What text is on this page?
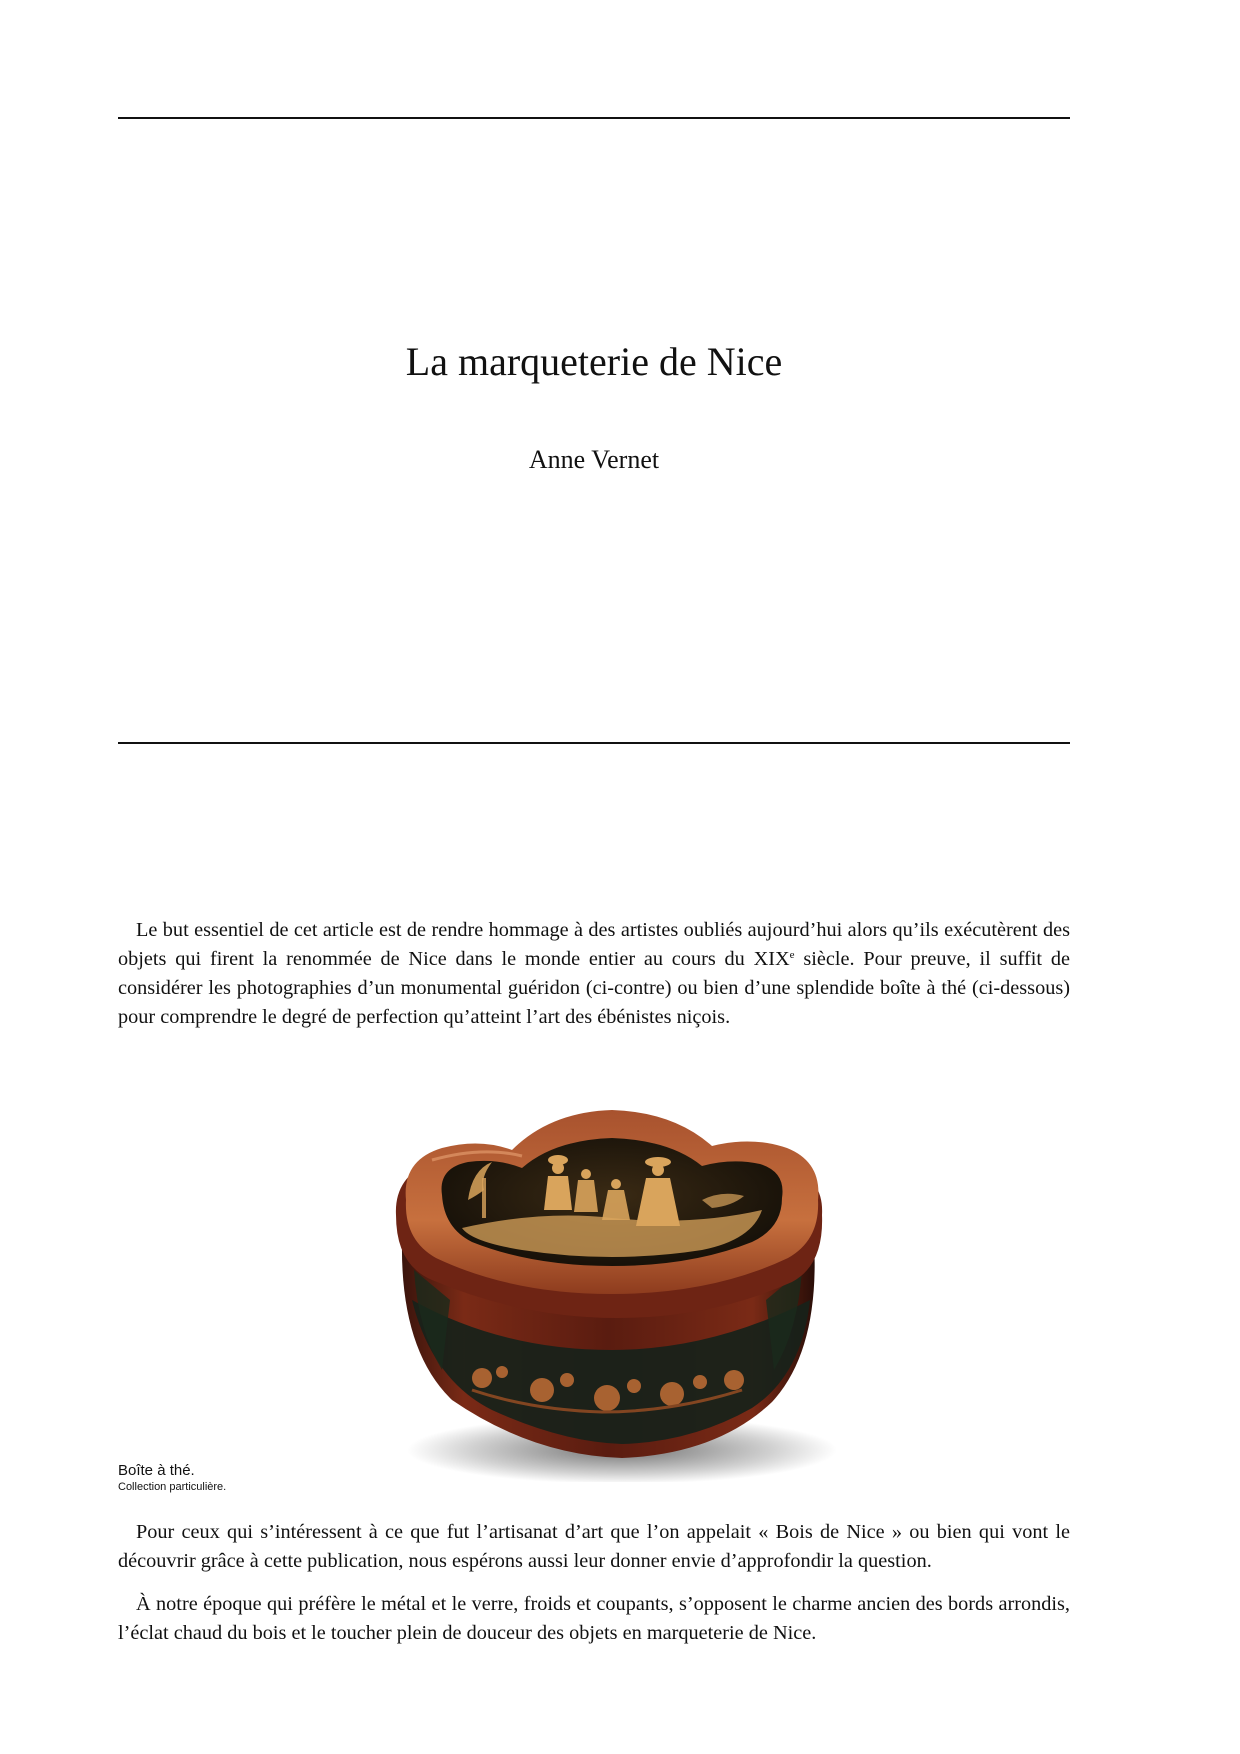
La marqueterie de Nice
Anne Vernet

Le but essentiel de cet article est de rendre hommage à des artistes oubliés aujourd’hui alors qu’ils exécutèrent des objets qui firent la renommée de Nice dans le monde entier au cours du XIXe siècle. Pour preuve, il suffit de considérer les photographies d’un monumental guéridon (ci-contre) ou bien d’une splendide boîte à thé (ci-dessous) pour comprendre le degré de perfection qu’atteint l’art des ébénistes niçois.

Boîte à thé.
Collection particulière.

Pour ceux qui s’intéressent à ce que fut l’artisanat d’art que l’on appelait « Bois de Nice » ou bien qui vont le découvrir grâce à cette publication, nous espérons aussi leur donner envie d’approfondir la question.

À notre époque qui préfère le métal et le verre, froids et coupants, s’opposent le charme ancien des bords arrondis, l’éclat chaud du bois et le toucher plein de douceur des objets en marqueterie de Nice.
